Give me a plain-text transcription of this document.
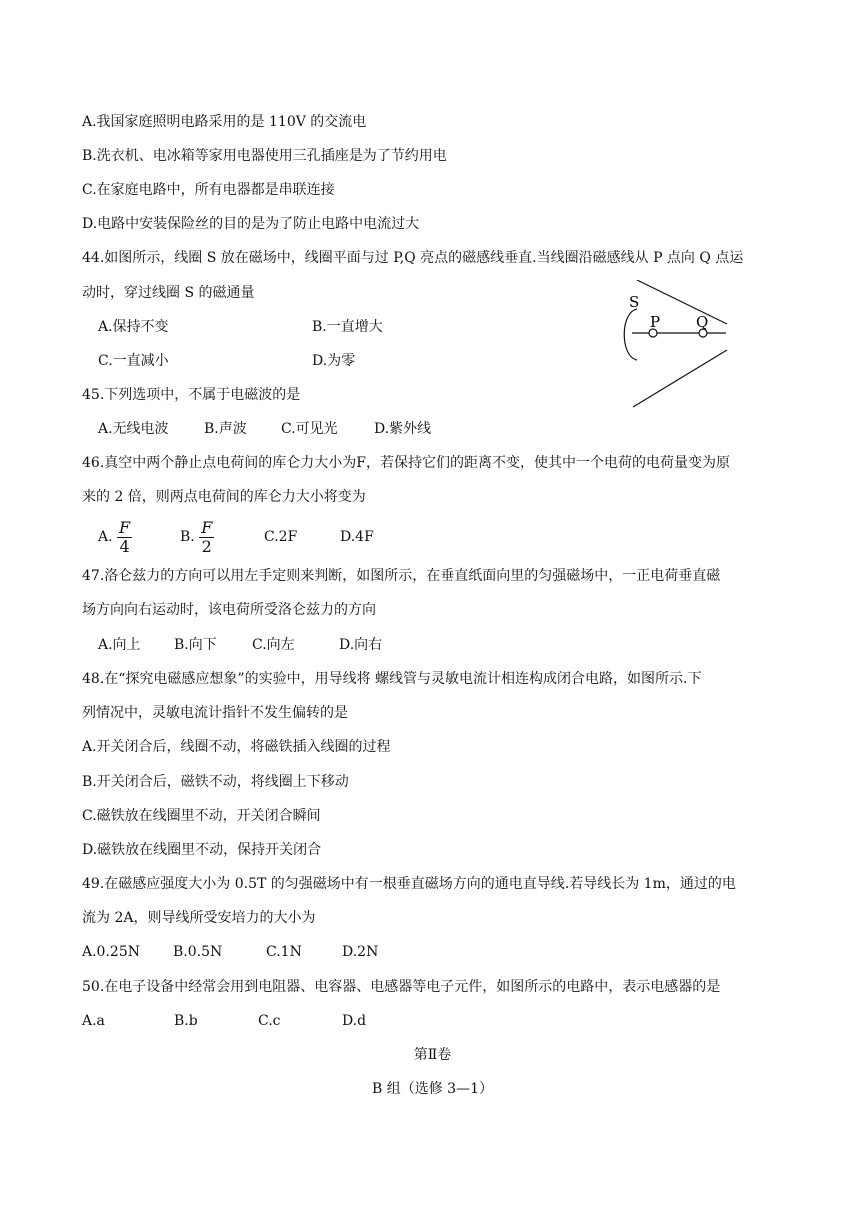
A.我国家庭照明电路采用的是 110V 的交流电
B.洗衣机、电冰箱等家用电器使用三孔插座是为了节约用电
C.在家庭电路中，所有电器都是串联连接
D.电路中安装保险丝的目的是为了防止电路中电流过大
44.如图所示，线圈 S 放在磁场中，线圈平面与过 P,Q 亮点的磁感线垂直.当线圈沿磁感线从 P 点向 Q 点运
动时，穿过线圈 S 的磁通量
A.保持不变	B.一直增大
C.一直减小	D.为零
S
P Q
45.下列选项中，不属于电磁波的是
A.无线电波	B.声波 C.可见光	D.紫外线
46.真空中两个静止点电荷间的库仑力大小为F，若保持它们的距离不变，使其中一个电荷的电荷量变为原
来的 2 倍，则两点电荷间的库仑力大小将变为
A. $\frac{F}{4}$	B. $\frac{F}{2}$	C.2F	D.4F
47.洛仑兹力的方向可以用左手定则来判断，如图所示，在垂直纸面向里的匀强磁场中，一正电荷垂直磁
场方向向右运动时，该电荷所受洛仑兹力的方向
A.向上 B.向下	C.向左	D.向右
48.在“探究电磁感应想象”的实验中，用导线将 螺线管与灵敏电流计相连构成闭合电路，如图所示.下
列情况中，灵敏电流计指针不发生偏转的是
A.开关闭合后，线圈不动，将磁铁插入线圈的过程
B.开关闭合后，磁铁不动，将线圈上下移动
C.磁铁放在线圈里不动，开关闭合瞬间
D.磁铁放在线圈里不动，保持开关闭合
49.在磁感应强度大小为 0.5T 的匀强磁场中有一根垂直磁场方向的通电直导线.若导线长为 1m，通过的电
流为 2A，则导线所受安培力的大小为
A.0.25N B.0.5N	C.1N	D.2N
50.在电子设备中经常会用到电阻器、电容器、电感器等电子元件，如图所示的电路中，表示电感器的是
A.a	B.b	C.c	D.d
第Ⅱ卷
B 组（选修 3—1）
